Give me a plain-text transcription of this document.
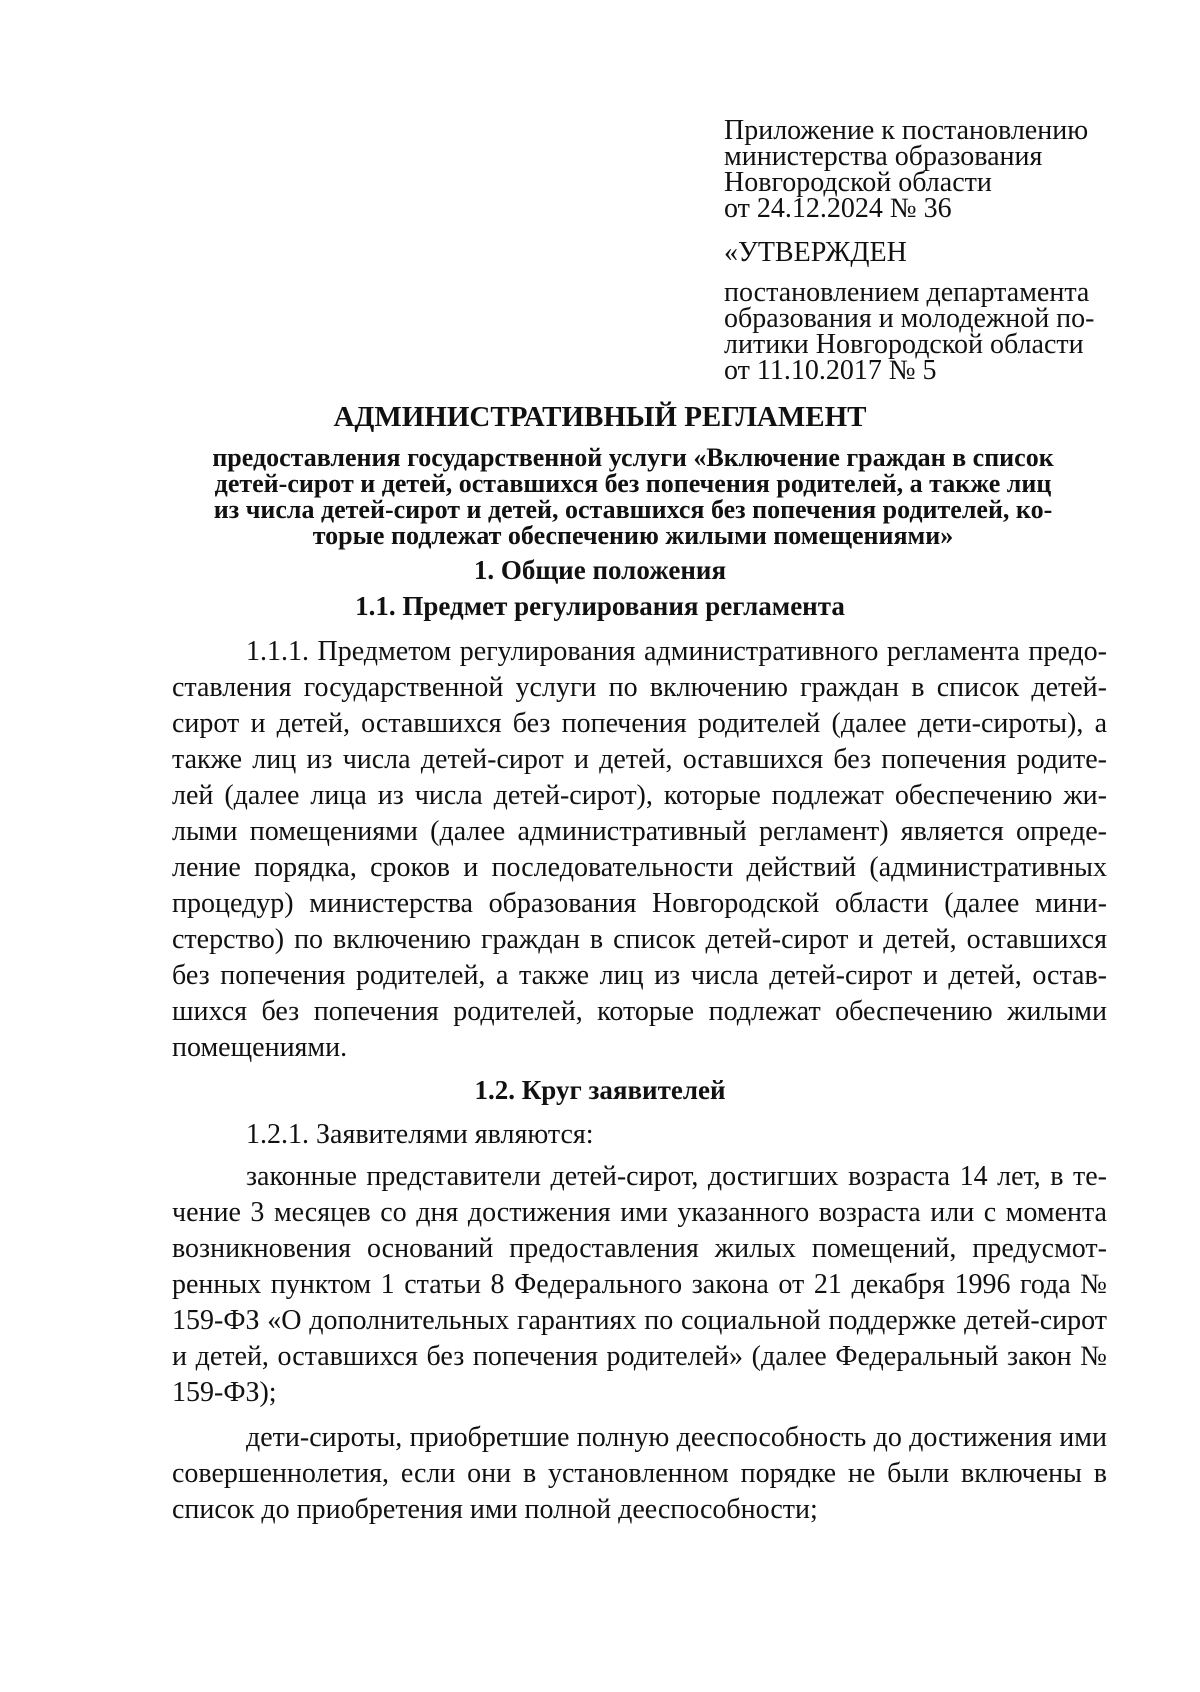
Приложение к постановлению
министерства образования
Новгородской области
от 24.12.2024 № 36
«УТВЕРЖДЕН
постановлением департамента
образования и молодежной по-
литики Новгородской области
от 11.10.2017 № 5
АДМИНИСТРАТИВНЫЙ РЕГЛАМЕНТ
предоставления государственной услуги «Включение граждан в список
детей-сирот и детей, оставшихся без попечения родителей, а также лиц
из числа детей-сирот и детей, оставшихся без попечения родителей, ко-
торые подлежат обеспечению жилыми помещениями»
1. Общие положения
1.1. Предмет регулирования регламента
1.1.1. Предметом регулирования административного регламента предо-
ставления государственной услуги по включению граждан в список детей-
сирот и детей, оставшихся без попечения родителей (далее дети-сироты), а
также лиц из числа детей-сирот и детей, оставшихся без попечения родите-
лей (далее лица из числа детей-сирот), которые подлежат обеспечению жи-
лыми помещениями (далее административный регламент) является опреде-
ление порядка, сроков и последовательности действий (административных
процедур) министерства образования Новгородской области (далее мини-
стерство) по включению граждан в список детей-сирот и детей, оставшихся
без попечения родителей, а также лиц из числа детей-сирот и детей, остав-
шихся без попечения родителей, которые подлежат обеспечению жилыми
помещениями.
1.2. Круг заявителей
1.2.1. Заявителями являются:
законные представители детей-сирот, достигших возраста 14 лет, в те-
чение 3 месяцев со дня достижения ими указанного возраста или с момента
возникновения оснований предоставления жилых помещений, предусмот-
ренных пунктом 1 статьи 8 Федерального закона от 21 декабря 1996 года №
159-ФЗ «О дополнительных гарантиях по социальной поддержке детей-сирот
и детей, оставшихся без попечения родителей» (далее Федеральный закон №
159-ФЗ);
дети-сироты, приобретшие полную дееспособность до достижения ими
совершеннолетия, если они в установленном порядке не были включены в
список до приобретения ими полной дееспособности;
